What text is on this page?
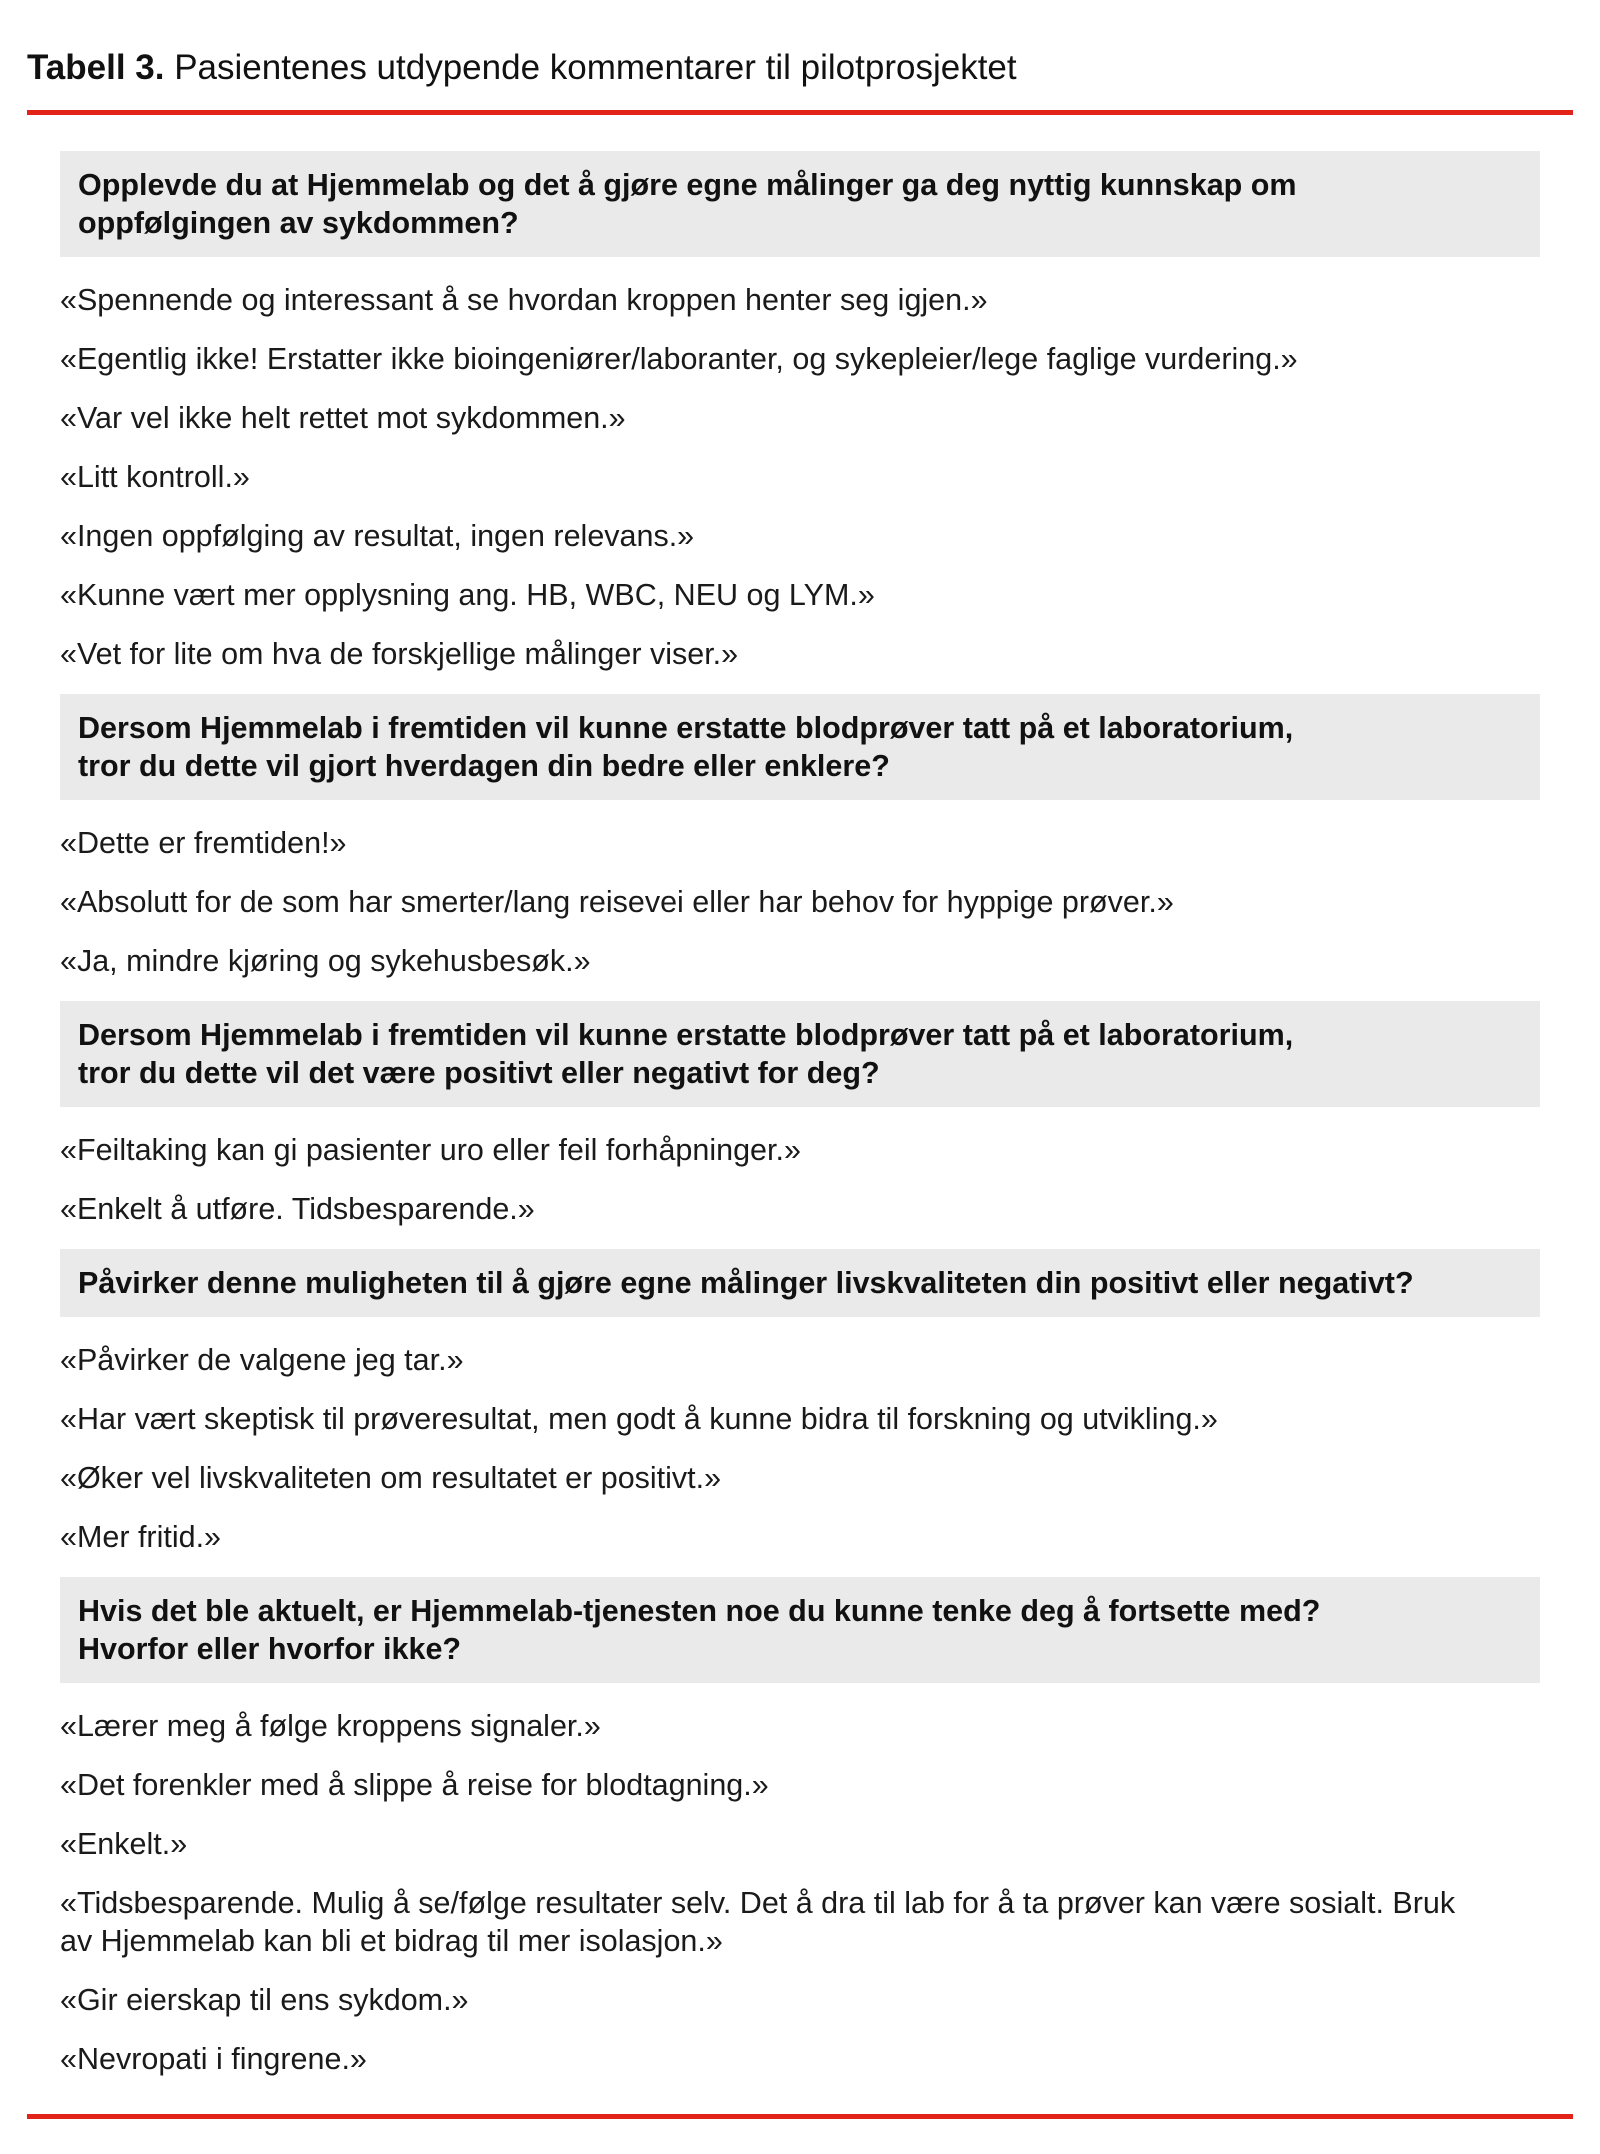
Tabell 3. Pasientenes utdypende kommentarer til pilotprosjektet
Opplevde du at Hjemmelab og det å gjøre egne målinger ga deg nyttig kunnskap om
oppfølgingen av sykdommen?

«Spennende og interessant å se hvordan kroppen henter seg igjen.»

«Egentlig ikke! Erstatter ikke bioingeniører/laboranter, og sykepleier/lege faglige vurdering.»

«Var vel ikke helt rettet mot sykdommen.»

«Litt kontroll.»

«Ingen oppfølging av resultat, ingen relevans.»

«Kunne vært mer opplysning ang. HB, WBC, NEU og LYM.»

«Vet for lite om hva de forskjellige målinger viser.»

Dersom Hjemmelab i fremtiden vil kunne erstatte blodprøver tatt på et laboratorium,
tror du dette vil gjort hverdagen din bedre eller enklere?

«Dette er fremtiden!»

«Absolutt for de som har smerter/lang reisevei eller har behov for hyppige prøver.»

«Ja, mindre kjøring og sykehusbesøk.»

Dersom Hjemmelab i fremtiden vil kunne erstatte blodprøver tatt på et laboratorium,
tror du dette vil det være positivt eller negativt for deg?

«Feiltaking kan gi pasienter uro eller feil forhåpninger.»

«Enkelt å utføre. Tidsbesparende.»

Påvirker denne muligheten til å gjøre egne målinger livskvaliteten din positivt eller negativt?

«Påvirker de valgene jeg tar.»

«Har vært skeptisk til prøveresultat, men godt å kunne bidra til forskning og utvikling.»

«Øker vel livskvaliteten om resultatet er positivt.»

«Mer fritid.»

Hvis det ble aktuelt, er Hjemmelab-tjenesten noe du kunne tenke deg å fortsette med?
Hvorfor eller hvorfor ikke?

«Lærer meg å følge kroppens signaler.»

«Det forenkler med å slippe å reise for blodtagning.»

«Enkelt.»

«Tidsbesparende. Mulig å se/følge resultater selv. Det å dra til lab for å ta prøver kan være sosialt. Bruk av Hjemmelab kan bli et bidrag til mer isolasjon.»

«Gir eierskap til ens sykdom.»

«Nevropati i fingrene.»
